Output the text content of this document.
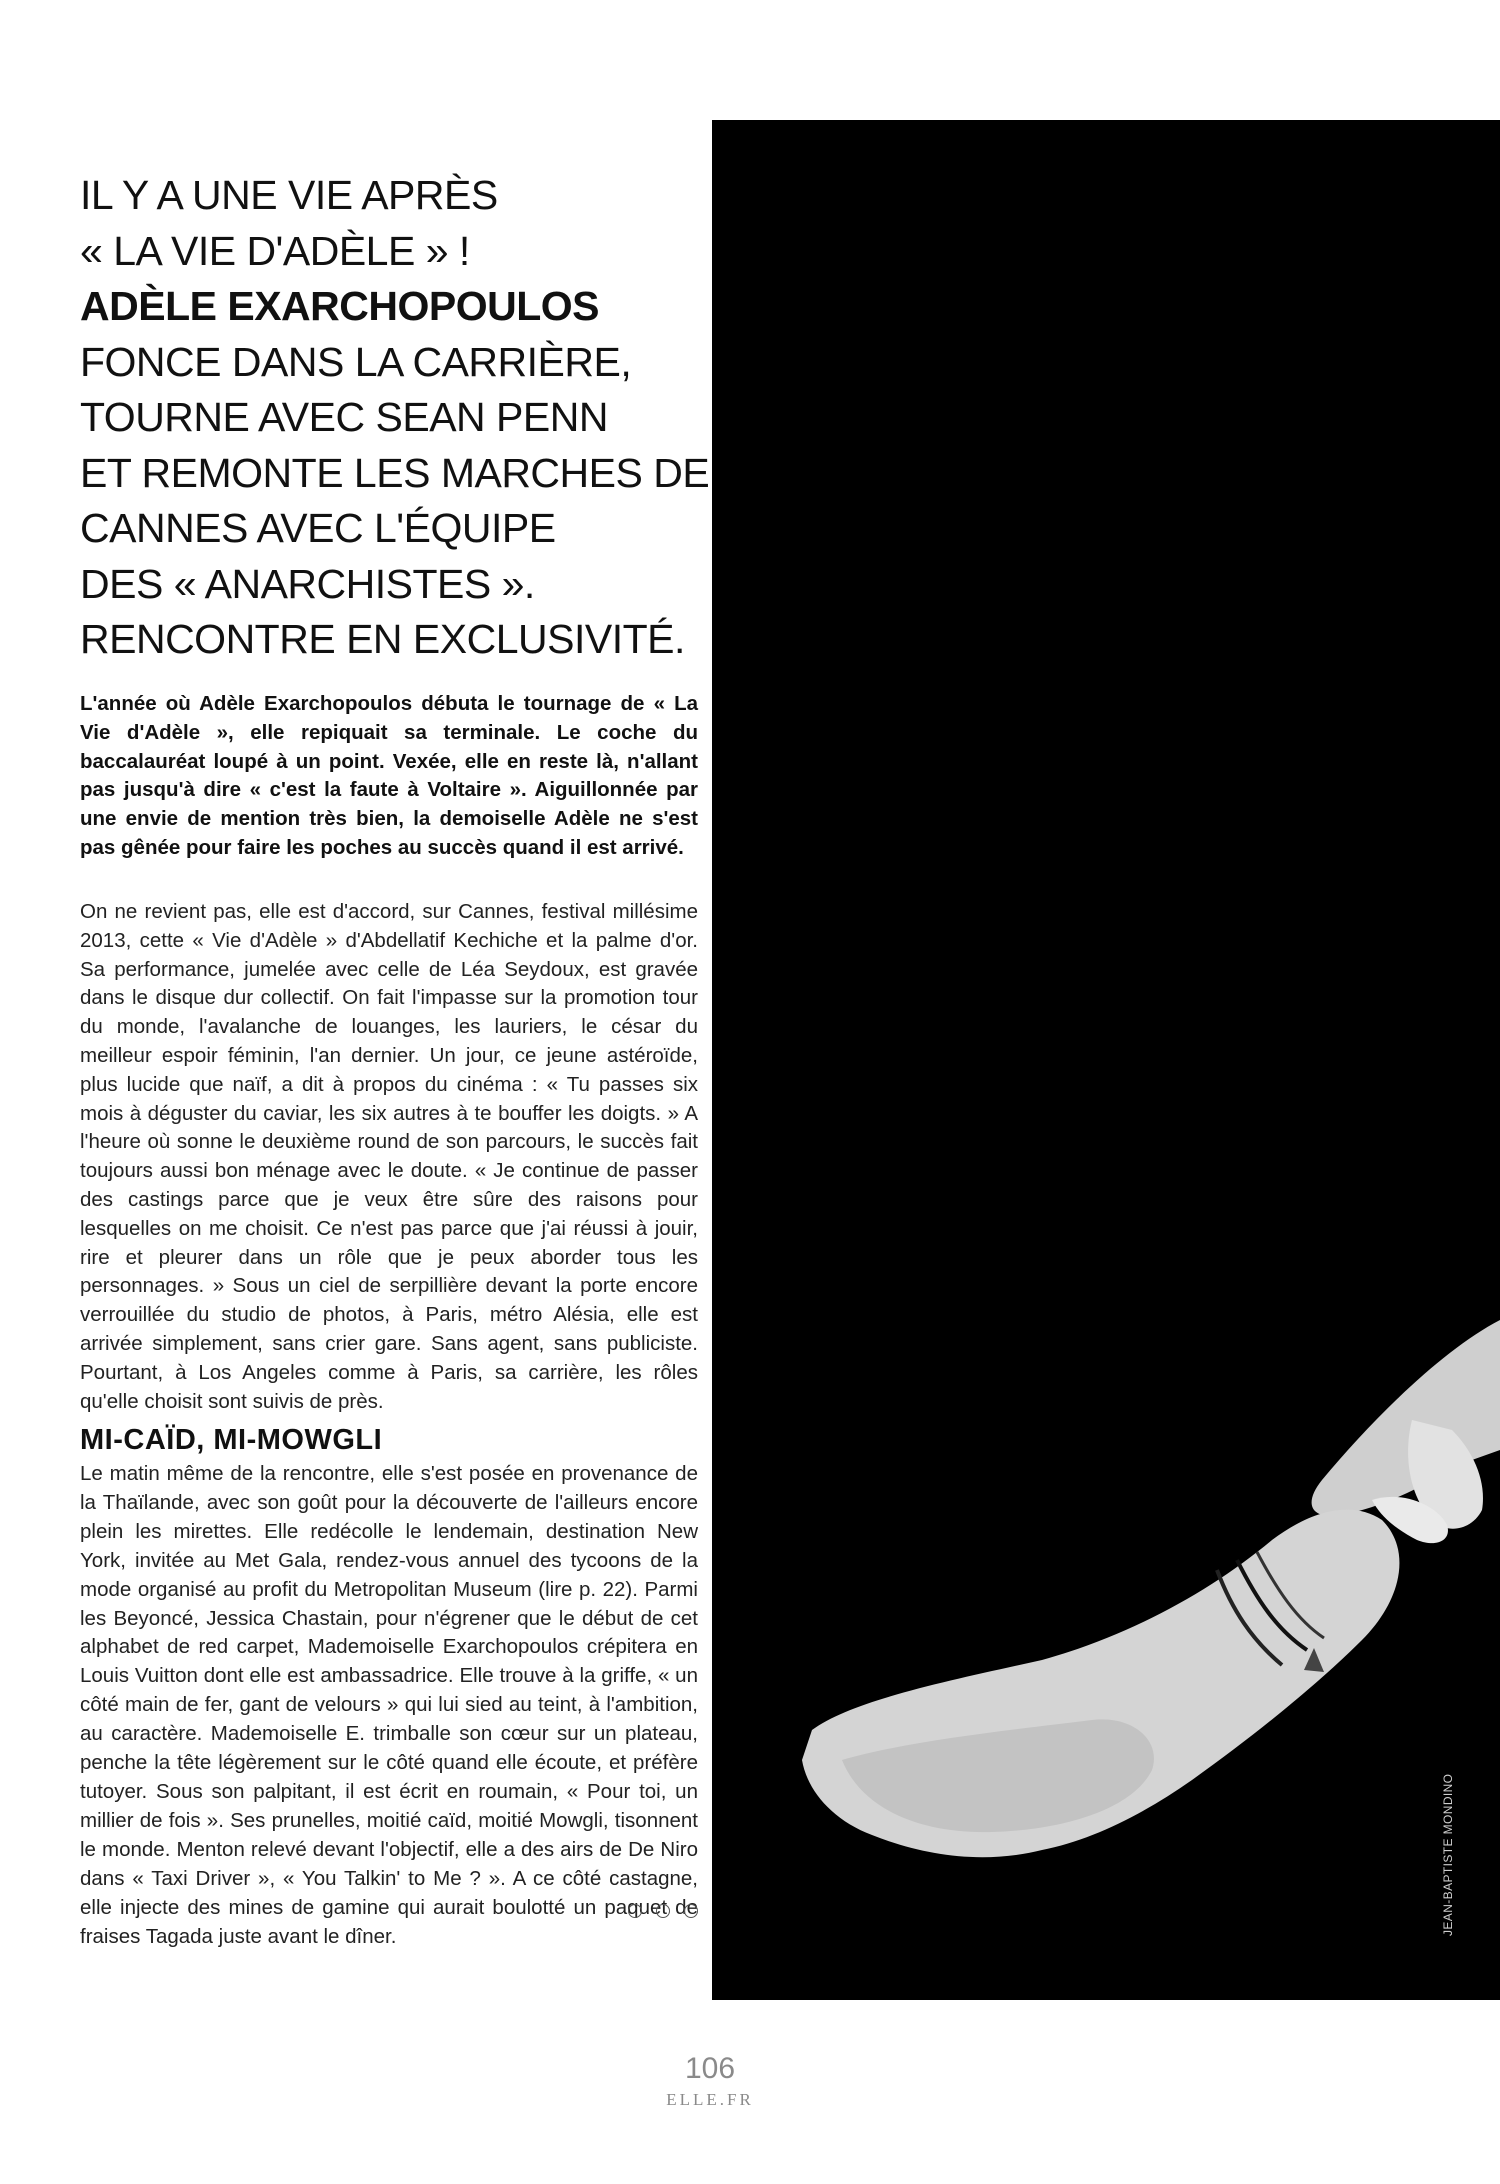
IL Y A UNE VIE APRÈS
« LA VIE D'ADÈLE » !
ADÈLE EXARCHOPOULOS
FONCE DANS LA CARRIÈRE,
TOURNE AVEC SEAN PENN
ET REMONTE LES MARCHES DE
CANNES AVEC L'ÉQUIPE
DES « ANARCHISTES ».
RENCONTRE EN EXCLUSIVITÉ.

L'année où Adèle Exarchopoulos débuta le tournage de « La Vie d'Adèle », elle repiquait sa terminale. Le coche du baccalauréat loupé à un point. Vexée, elle en reste là, n'allant pas jusqu'à dire « c'est la faute à Voltaire ». Aiguillonnée par une envie de mention très bien, la demoiselle Adèle ne s'est pas gênée pour faire les poches au succès quand il est arrivé.

On ne revient pas, elle est d'accord, sur Cannes, festival millésime 2013, cette « Vie d'Adèle » d'Abdellatif Kechiche et la palme d'or. Sa performance, jumelée avec celle de Léa Seydoux, est gravée dans le disque dur collectif. On fait l'impasse sur la promotion tour du monde, l'avalanche de louanges, les lauriers, le césar du meilleur espoir féminin, l'an dernier. Un jour, ce jeune astéroïde, plus lucide que naïf, a dit à propos du cinéma : « Tu passes six mois à déguster du caviar, les six autres à te bouffer les doigts. » A l'heure où sonne le deuxième round de son parcours, le succès fait toujours aussi bon ménage avec le doute. « Je continue de passer des castings parce que je veux être sûre des raisons pour lesquelles on me choisit. Ce n'est pas parce que j'ai réussi à jouir, rire et pleurer dans un rôle que je peux aborder tous les personnages. » Sous un ciel de serpillière devant la porte encore verrouillée du studio de photos, à Paris, métro Alésia, elle est arrivée simplement, sans crier gare. Sans agent, sans publiciste. Pourtant, à Los Angeles comme à Paris, sa carrière, les rôles qu'elle choisit sont suivis de près.

MI-CAÏD, MI-MOWGLI

Le matin même de la rencontre, elle s'est posée en provenance de la Thaïlande, avec son goût pour la découverte de l'ailleurs encore plein les mirettes. Elle redécolle le lendemain, destination New York, invitée au Met Gala, rendez-vous annuel des tycoons de la mode organisé au profit du Metropolitan Museum (lire p. 22). Parmi les Beyoncé, Jessica Chastain, pour n'égrener que le début de cet alphabet de red carpet, Mademoiselle Exarchopoulos crépitera en Louis Vuitton dont elle est ambassadrice. Elle trouve à la griffe, « un côté main de fer, gant de velours » qui lui sied au teint, à l'ambition, au caractère. Mademoiselle E. trimballe son cœur sur un plateau, penche la tête légèrement sur le côté quand elle écoute, et préfère tutoyer. Sous son palpitant, il est écrit en roumain, « Pour toi, un millier de fois ». Ses prunelles, moitié caïd, moitié Mowgli, tisonnent le monde. Menton relevé devant l'objectif, elle a des airs de De Niro dans « Taxi Driver », « You Talkin' to Me ? ». A ce côté castagne, elle injecte des mines de gamine qui aurait boulotté un paquet de fraises Tagada juste avant le dîner.	JEAN-BAPTISTE MONDINO
106
ELLE.FR
